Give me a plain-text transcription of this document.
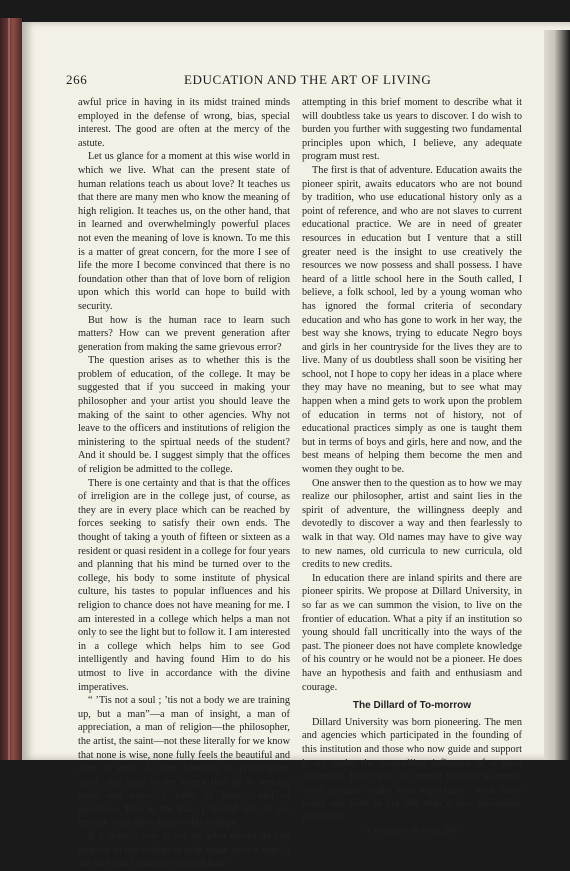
266	EDUCATION AND THE ART OF LIVING

awful price in having in its midst trained minds employed in the defense of wrong, bias, special interest. The good are often at the mercy of the astute.

Let us glance for a moment at this wise world in which we live. What can the present state of human relations teach us about love? It teaches us that there are many men who know the meaning of high religion. It teaches us, on the other hand, that in learned and overwhelmingly powerful places not even the meaning of love is known. To me this is a matter of great concern, for the more I see of life the more I become convinced that there is no foundation other than that of love born of religion upon which this world can hope to build with security.

But how is the human race to learn such matters? How can we prevent generation after generation from making the same grievous error?

The question arises as to whether this is the problem of education, of the college. It may be suggested that if you succeed in making your philosopher and your artist you should leave the making of the saint to other agencies. Why not leave to the officers and institutions of religion the ministering to the spirtual needs of the student? And it should be. I suggest simply that the offices of religion be admitted to the college.

There is one certainty and that is that the offices of irreligion are in the college just, of course, as they are in every place which can be reached by forces seeking to satisfy their own ends. The thought of taking a youth of fifteen or sixteen as a resident or quasi resident in a college for four years and planning that his mind be turned over to the college, his body to some institute of physical culture, his tastes to popular influences and his religion to chance does not have meaning for me. I am interested in a college which helps a man not only to see the light but to follow it. I am interested in a college which helps him to see God intelligently and having found Him to do his utmost to live in accordance with the divine imperatives.

“ ’Tis not a soul ; ’tis not a body we are training up, but a man”—a man of insight, a man of appreciation, a man of religion—the philosopher, the artist, the saint—not these literally for we know that none is wise, none fully feels the beautiful and none is good. A man, however, is philosopher, artist, and saint to the extent that he is seeking more and more of truth, of beauty, and of goodness. This is the man I should like to see emerge from the college—this college.

It is natural now to ask by what means do you propose in the college to help make such a man? I am sure that I shall be excused from

attempting in this brief moment to describe what it will doubtless take us years to discover. I do wish to burden you further with suggesting two fundamental principles upon which, I believe, any adequate program must rest.

The first is that of adventure. Education awaits the pioneer spirit, awaits educators who are not bound by tradition, who use educational history only as a point of reference, and who are not slaves to current educational practice. We are in need of greater resources in education but I venture that a still greater need is the insight to use creatively the resources we now possess and shall possess. I have heard of a little school here in the South called, I believe, a folk school, led by a young woman who has ignored the formal criteria of secondary education and who has gone to work in her way, the best way she knows, trying to educate Negro boys and girls in her countryside for the lives they are to live. Many of us doubtless shall soon be visiting her school, not I hope to copy her ideas in a place where they may have no meaning, but to see what may happen when a mind gets to work upon the problem of education in terms not of history, not of educational practices simply as one is taught them but in terms of boys and girls, here and now, and the best means of helping them become the men and women they ought to be.

One answer then to the question as to how we may realize our philosopher, artist and saint lies in the spirit of adventure, the willingness deeply and devotedly to discover a way and then fearlessly to walk in that way. Old names may have to give way to new names, old curricula to new curricula, old credits to new credits.

In education there are inland spirits and there are pioneer spirits. We propose at Dillard University, in so far as we can summon the vision, to live on the frontier of education. What a pity if an institution so young should fall uncritically into the ways of the past. The pioneer does not have complete knowledge of his country or he would not be a pioneer. He does have an hypothesis and faith and enthusiasm and courage.

The Dillard of To-morrow

Dillard University was born pioneering. The men and agencies which participated in the founding of this institution and those who now guide and support it are under the compelling influence of a great adventure. Every man or woman walking its newly sown grounds walks with expectancy. What more could one wish in our day than a new institution, unfettered,

(Continued on Page 285)
